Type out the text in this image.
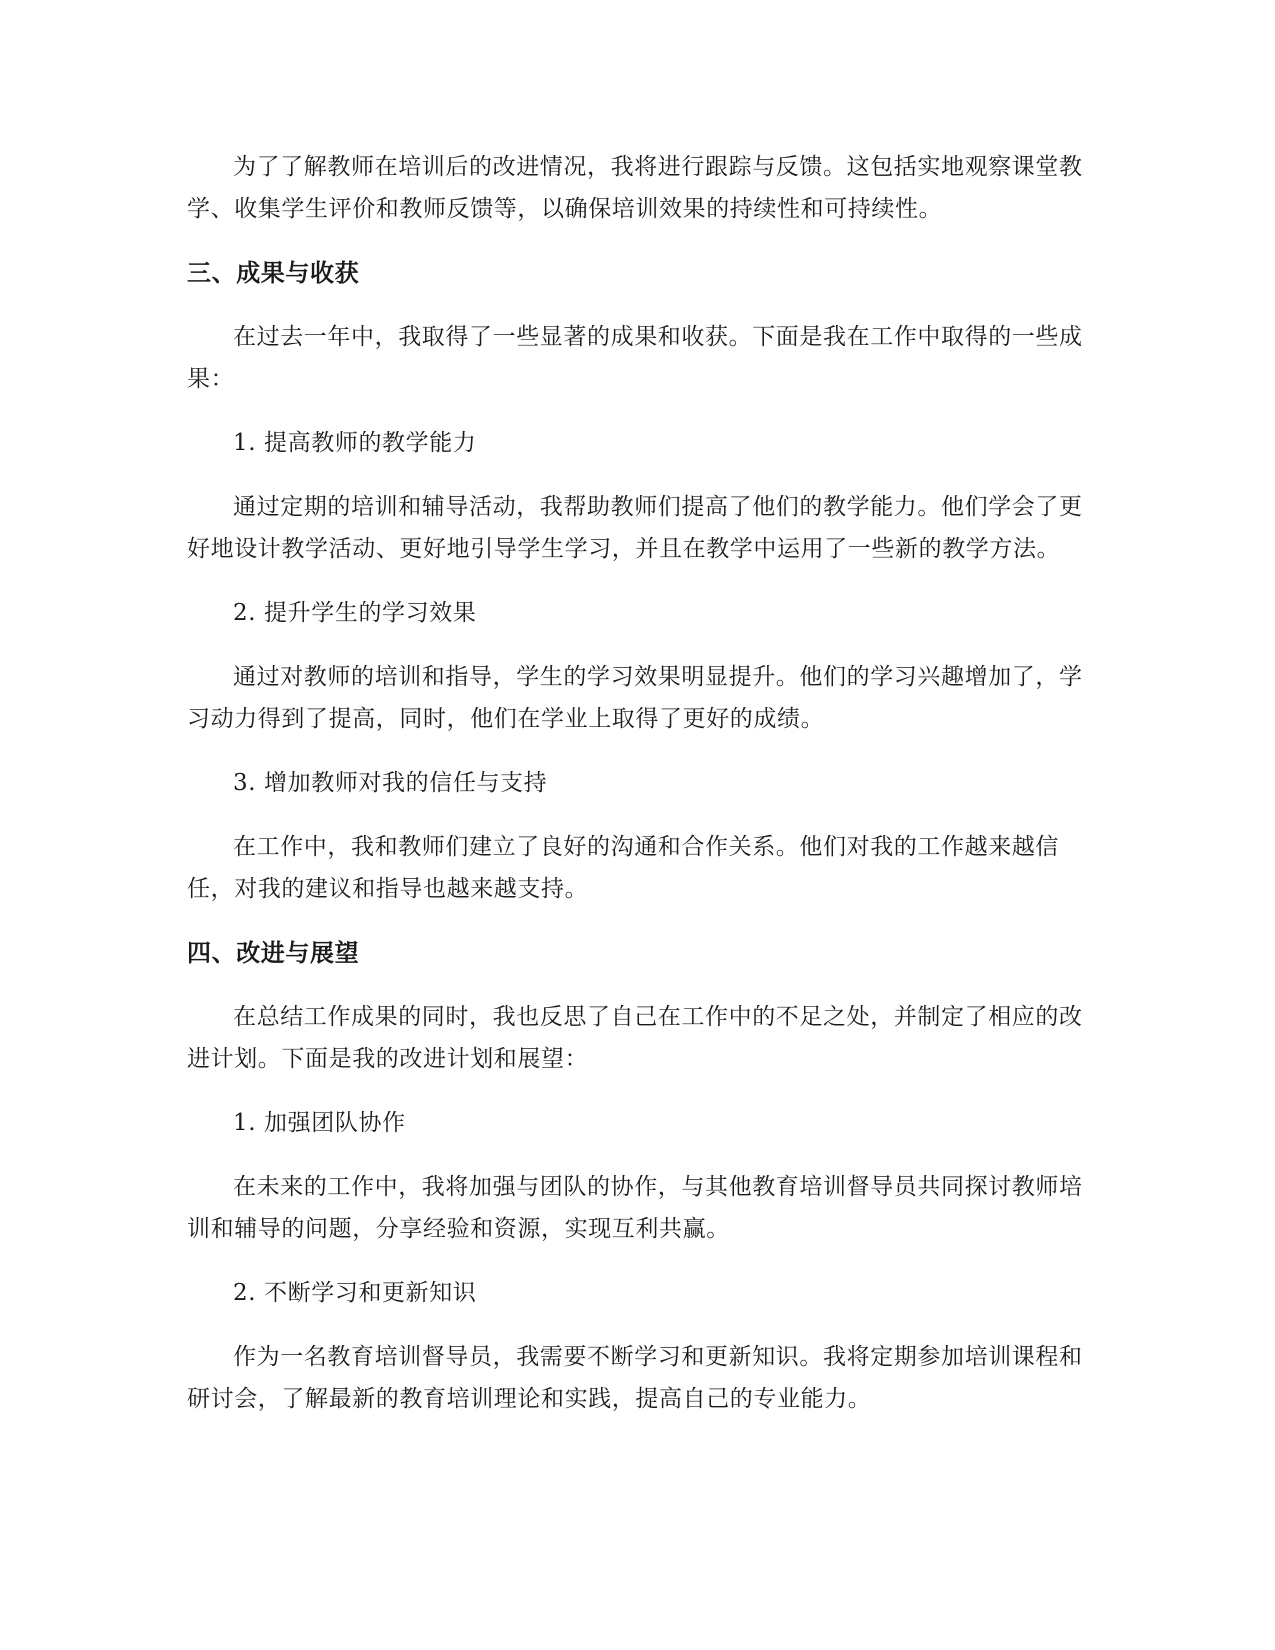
为了了解教师在培训后的改进情况，我将进行跟踪与反馈。这包括实地观察课堂教学、收集学生评价和教师反馈等，以确保培训效果的持续性和可持续性。

三、成果与收获

在过去一年中，我取得了一些显著的成果和收获。下面是我在工作中取得的一些成果：

1. 提高教师的教学能力

通过定期的培训和辅导活动，我帮助教师们提高了他们的教学能力。他们学会了更好地设计教学活动、更好地引导学生学习，并且在教学中运用了一些新的教学方法。

2. 提升学生的学习效果

通过对教师的培训和指导，学生的学习效果明显提升。他们的学习兴趣增加了，学习动力得到了提高，同时，他们在学业上取得了更好的成绩。

3. 增加教师对我的信任与支持

在工作中，我和教师们建立了良好的沟通和合作关系。他们对我的工作越来越信任，对我的建议和指导也越来越支持。

四、改进与展望

在总结工作成果的同时，我也反思了自己在工作中的不足之处，并制定了相应的改进计划。下面是我的改进计划和展望：

1. 加强团队协作

在未来的工作中，我将加强与团队的协作，与其他教育培训督导员共同探讨教师培训和辅导的问题，分享经验和资源，实现互利共赢。

2. 不断学习和更新知识

作为一名教育培训督导员，我需要不断学习和更新知识。我将定期参加培训课程和研讨会，了解最新的教育培训理论和实践，提高自己的专业能力。
